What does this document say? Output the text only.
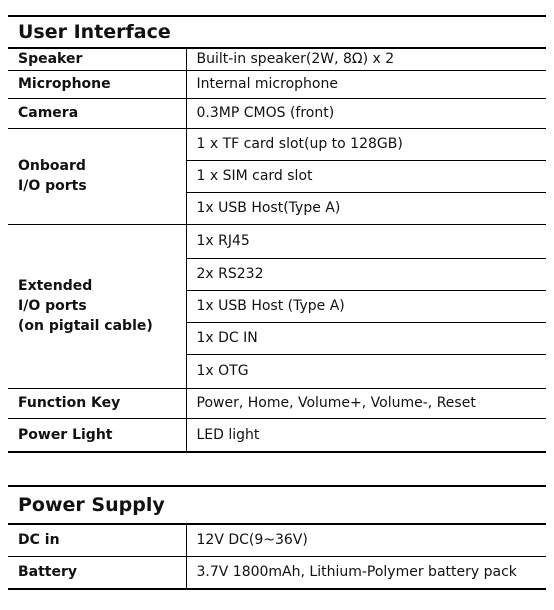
User Interface	
Speaker	Built-in speaker(2W, 8Ω) x 2
Microphone	Internal microphone
Camera	0.3MP CMOS (front)

Onboard
I/O ports	1 x TF card slot(up to 128GB)
	1 x SIM card slot
	1x USB Host(Type A)

Extended
I/O ports
(on pigtail cable)	1x RJ45
	2x RS232
	1x USB Host (Type A)
	1x DC IN
	1x OTG
Function Key	Power, Home, Volume+, Volume-, Reset
Power Light	LED light
Power Supply	
DC in	12V DC(9~36V)
Battery	3.7V 1800mAh, Lithium-Polymer battery pack
